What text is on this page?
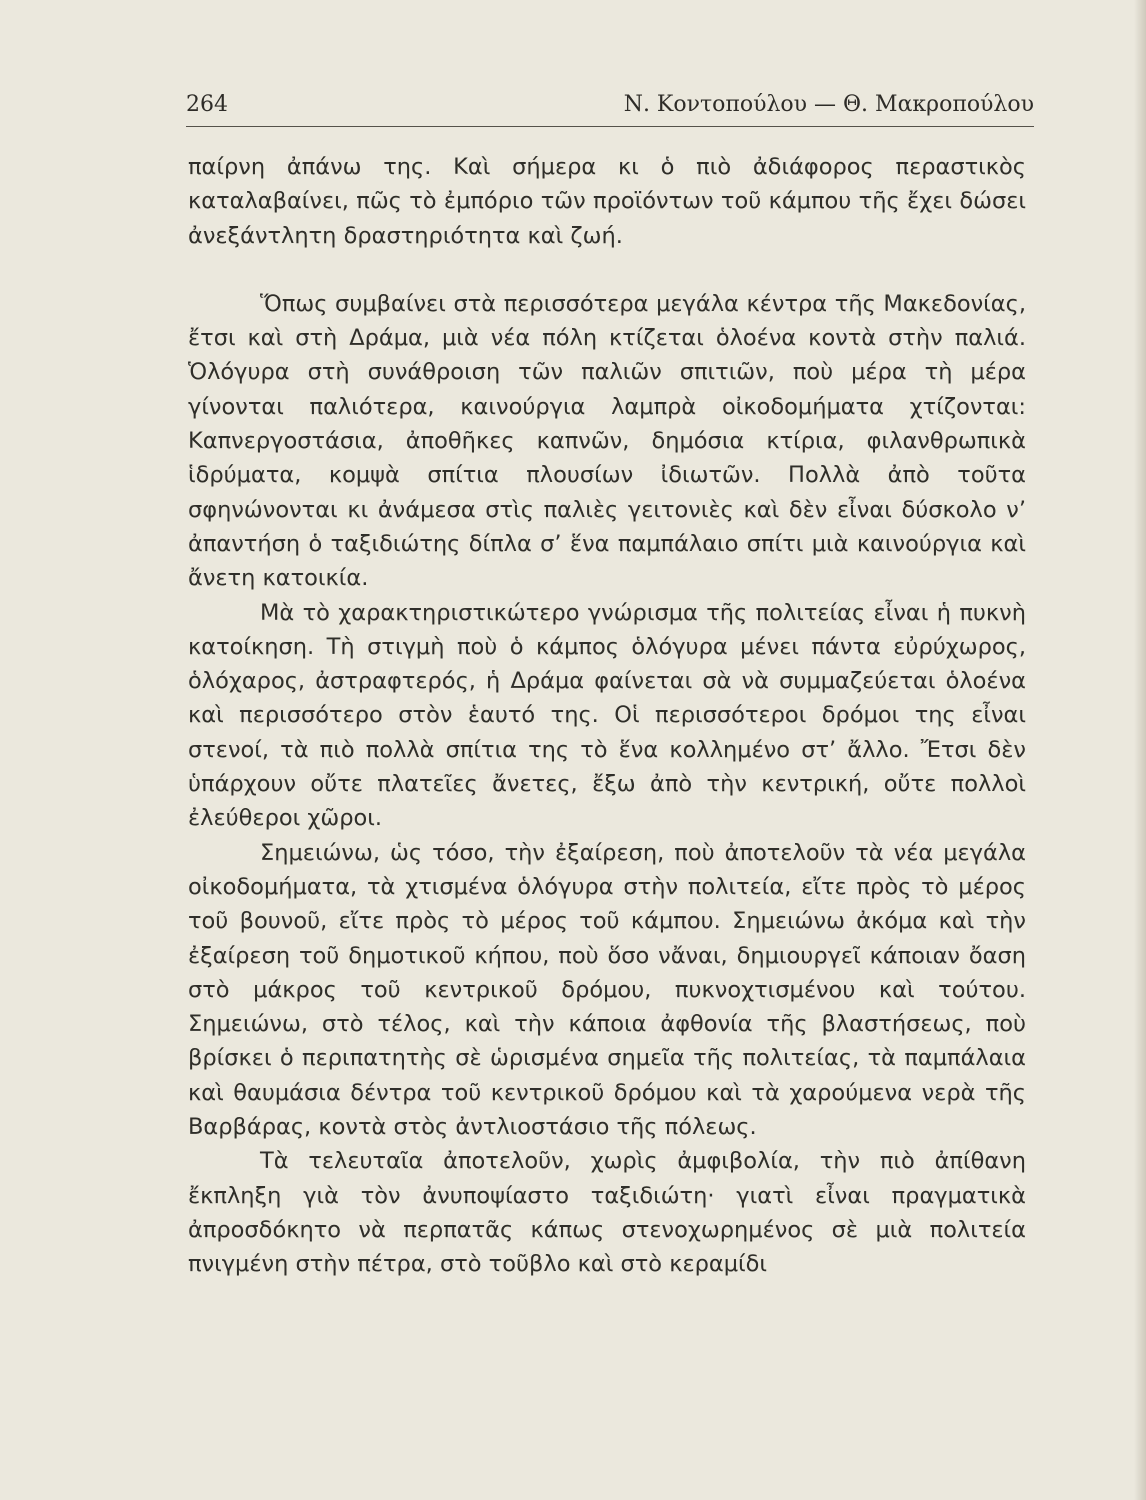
264	Ν. Κοντοπούλου — Θ. Μακροπούλου

παίρνη ἀπάνω της. Καὶ σήμερα κι ὁ πιὸ ἀδιάφορος περαστικὸς καταλαβαίνει, πῶς τὸ ἐμπόριο τῶν προϊόντων τοῦ κάμπου τῆς ἔχει δώσει ἀνεξάντλητη δραστηριότητα καὶ ζωή.

Ὅπως συμβαίνει στὰ περισσότερα μεγάλα κέντρα τῆς Μακεδονίας, ἔτσι καὶ στὴ Δράμα, μιὰ νέα πόλη κτίζεται ὁλοένα κοντὰ στὴν παλιά. Ὁλόγυρα στὴ συνάθροιση τῶν παλιῶν σπιτιῶν, ποὺ μέρα τὴ μέρα γίνονται παλιότερα, καινούργια λαμπρὰ οἰκοδομήματα χτίζονται: Καπνεργοστάσια, ἀποθῆκες καπνῶν, δημόσια κτίρια, φιλανθρωπικὰ ἱδρύματα, κομψὰ σπίτια πλουσίων ἰδιωτῶν. Πολλὰ ἀπὸ τοῦτα σφηνώνονται κι ἀνάμεσα στὶς παλιὲς γειτονιὲς καὶ δὲν εἶναι δύσκολο ν’ ἀπαντήση ὁ ταξιδιώτης δίπλα σ’ ἕνα παμπάλαιο σπίτι μιὰ καινούργια καὶ ἄνετη κατοικία.

Μὰ τὸ χαρακτηριστικώτερο γνώρισμα τῆς πολιτείας εἶναι ἡ πυκνὴ κατοίκηση. Τὴ στιγμὴ ποὺ ὁ κάμπος ὁλόγυρα μένει πάντα εὐρύχωρος, ὁλόχαρος, ἀστραφτερός, ἡ Δράμα φαίνεται σὰ νὰ συμμαζεύεται ὁλοένα καὶ περισσότερο στὸν ἑαυτό της. Οἱ περισσότεροι δρόμοι της εἶναι στενοί, τὰ πιὸ πολλὰ σπίτια της τὸ ἕνα κολλημένο στ’ ἄλλο. Ἔτσι δὲν ὑπάρχουν οὔτε πλατεῖες ἄνετες, ἔξω ἀπὸ τὴν κεντρική, οὔτε πολλοὶ ἐλεύθεροι χῶροι.

Σημειώνω, ὡς τόσο, τὴν ἐξαίρεση, ποὺ ἀποτελοῦν τὰ νέα μεγάλα οἰκοδομήματα, τὰ χτισμένα ὁλόγυρα στὴν πολιτεία, εἴτε πρὸς τὸ μέρος τοῦ βουνοῦ, εἴτε πρὸς τὸ μέρος τοῦ κάμπου. Σημειώνω ἀκόμα καὶ τὴν ἐξαίρεση τοῦ δημοτικοῦ κήπου, ποὺ ὅσο νἄναι, δημιουργεῖ κάποιαν ὄαση στὸ μάκρος τοῦ κεντρικοῦ δρόμου, πυκνοχτισμένου καὶ τούτου. Σημειώνω, στὸ τέλος, καὶ τὴν κάποια ἀφθονία τῆς βλαστήσεως, ποὺ βρίσκει ὁ περιπατητὴς σὲ ὡρισμένα σημεῖα τῆς πολιτείας, τὰ παμπάλαια καὶ θαυμάσια δέντρα τοῦ κεντρικοῦ δρόμου καὶ τὰ χαρούμενα νερὰ τῆς Βαρβάρας, κοντὰ στὸς ἀντλιοστάσιο τῆς πόλεως.

Τὰ τελευταῖα ἀποτελοῦν, χωρὶς ἀμφιβολία, τὴν πιὸ ἀπίθανη ἔκπληξη γιὰ τὸν ἀνυποψίαστο ταξιδιώτη· γιατὶ εἶναι πραγματικὰ ἀπροσδόκητο νὰ περπατᾶς κάπως στενοχωρημένος σὲ μιὰ πολιτεία πνιγμένη στὴν πέτρα, στὸ τοῦβλο καὶ στὸ κεραμίδι
